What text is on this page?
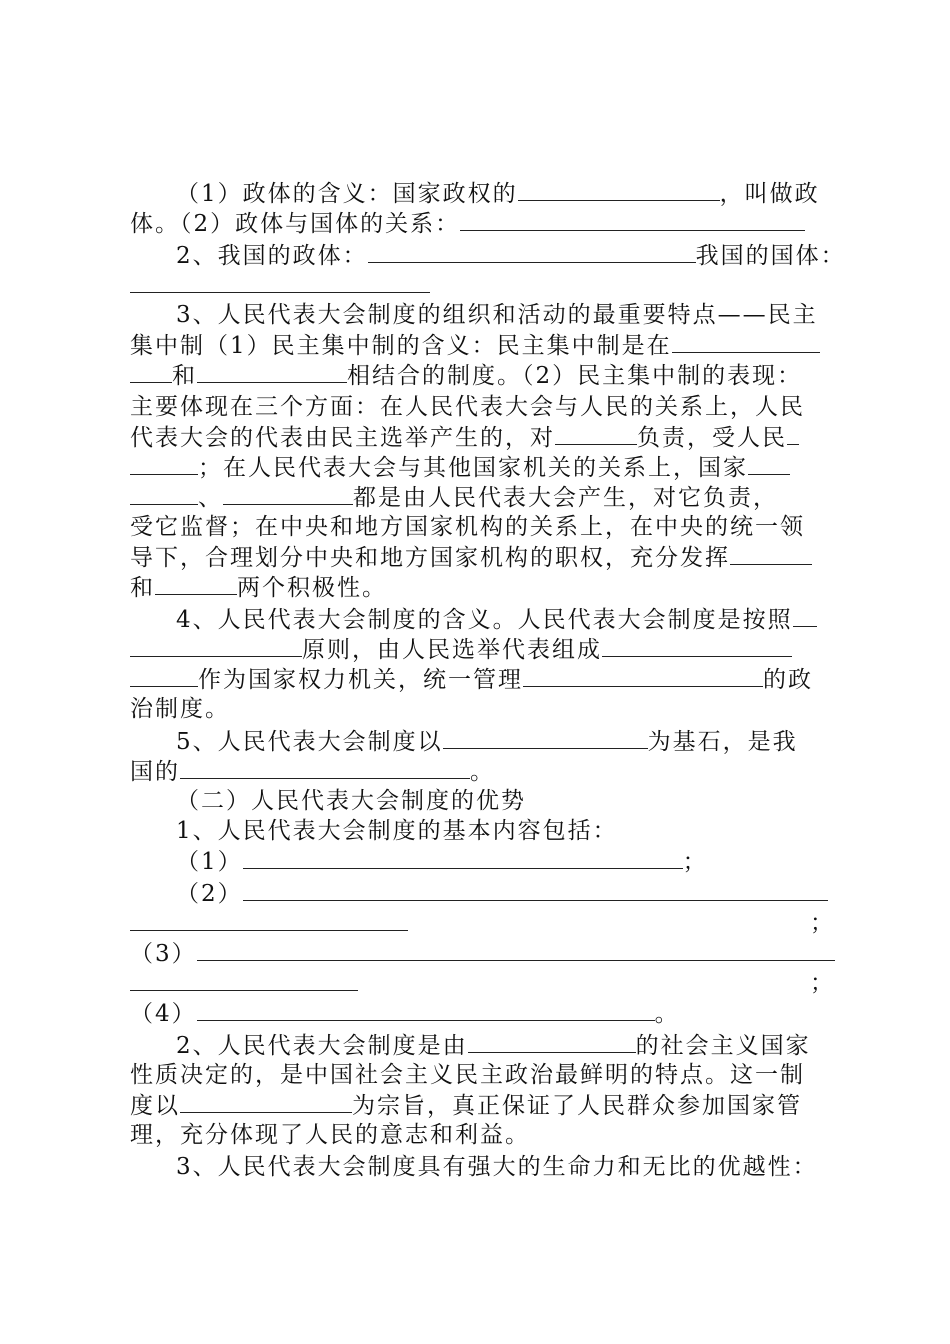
（1）政体的含义：国家政权的	，叫做政
体。（2）政体与国体的关系：
2、我国的政体：	我国的国体：
3、人民代表大会制度的组织和活动的最重要特点——民主
集中制（1）民主集中制的含义：民主集中制是在
和	相结合的制度。（2）民主集中制的表现：
主要体现在三个方面：在人民代表大会与人民的关系上，人民
代表大会的代表由民主选举产生的，对	负责，受人民
；在人民代表大会与其他国家机关的关系上，国家
、	都是由人民代表大会产生，对它负责，
受它监督；在中央和地方国家机构的关系上，在中央的统一领
导下，合理划分中央和地方国家机构的职权，充分发挥
和	两个积极性。
4、人民代表大会制度的含义。人民代表大会制度是按照
原则，由人民选举代表组成
作为国家权力机关，统一管理	的政
治制度。
5、人民代表大会制度以	为基石，是我
国的	。
（二）人民代表大会制度的优势
1、人民代表大会制度的基本内容包括：
（1）	；
（2）
；
（3）
；
（4）	。
2、人民代表大会制度是由	的社会主义国家
性质决定的，是中国社会主义民主政治最鲜明的特点。这一制
度以	为宗旨，真正保证了人民群众参加国家管
理，充分体现了人民的意志和利益。
3、人民代表大会制度具有强大的生命力和无比的优越性：
